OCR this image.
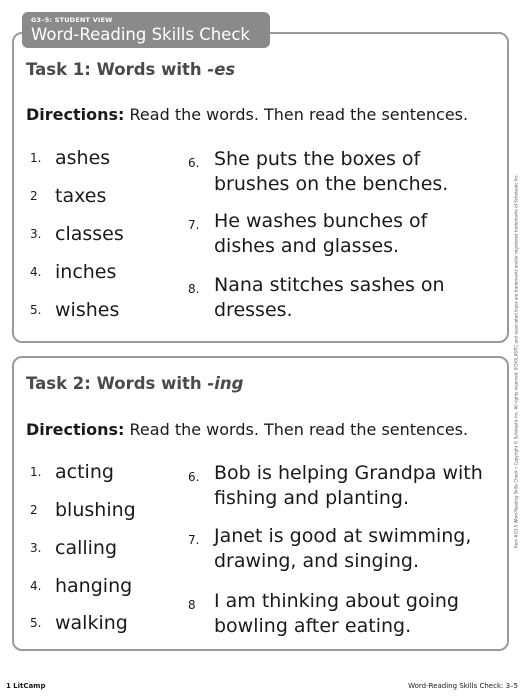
G3–5: STUDENT VIEW
Word-Reading Skills Check
Task 1: Words with -es
Directions: Read the words. Then read the sentences.
1. ashes
2 taxes
3. classes
4. inches
5. wishes
6. She puts the boxes of brushes on the benches.
7. He washes bunches of dishes and glasses.
8. Nana stitches sashes on dresses.
Task 2: Words with -ing
Directions: Read the words. Then read the sentences.
1. acting
2 blushing
3. calling
4. hanging
5. walking
6. Bob is helping Grandpa with fishing and planting.
7. Janet is good at swimming, drawing, and singing.
8 I am thinking about going bowling after eating.
Item #G3-5 Word-Reading Skills Check • Copyright © Scholastic Inc. All rights reserved. SCHOLASTIC and associated logos are trademarks and/or registered trademarks of Scholastic Inc.
1 LitCamp	Word-Reading Skills Check: 3–5
